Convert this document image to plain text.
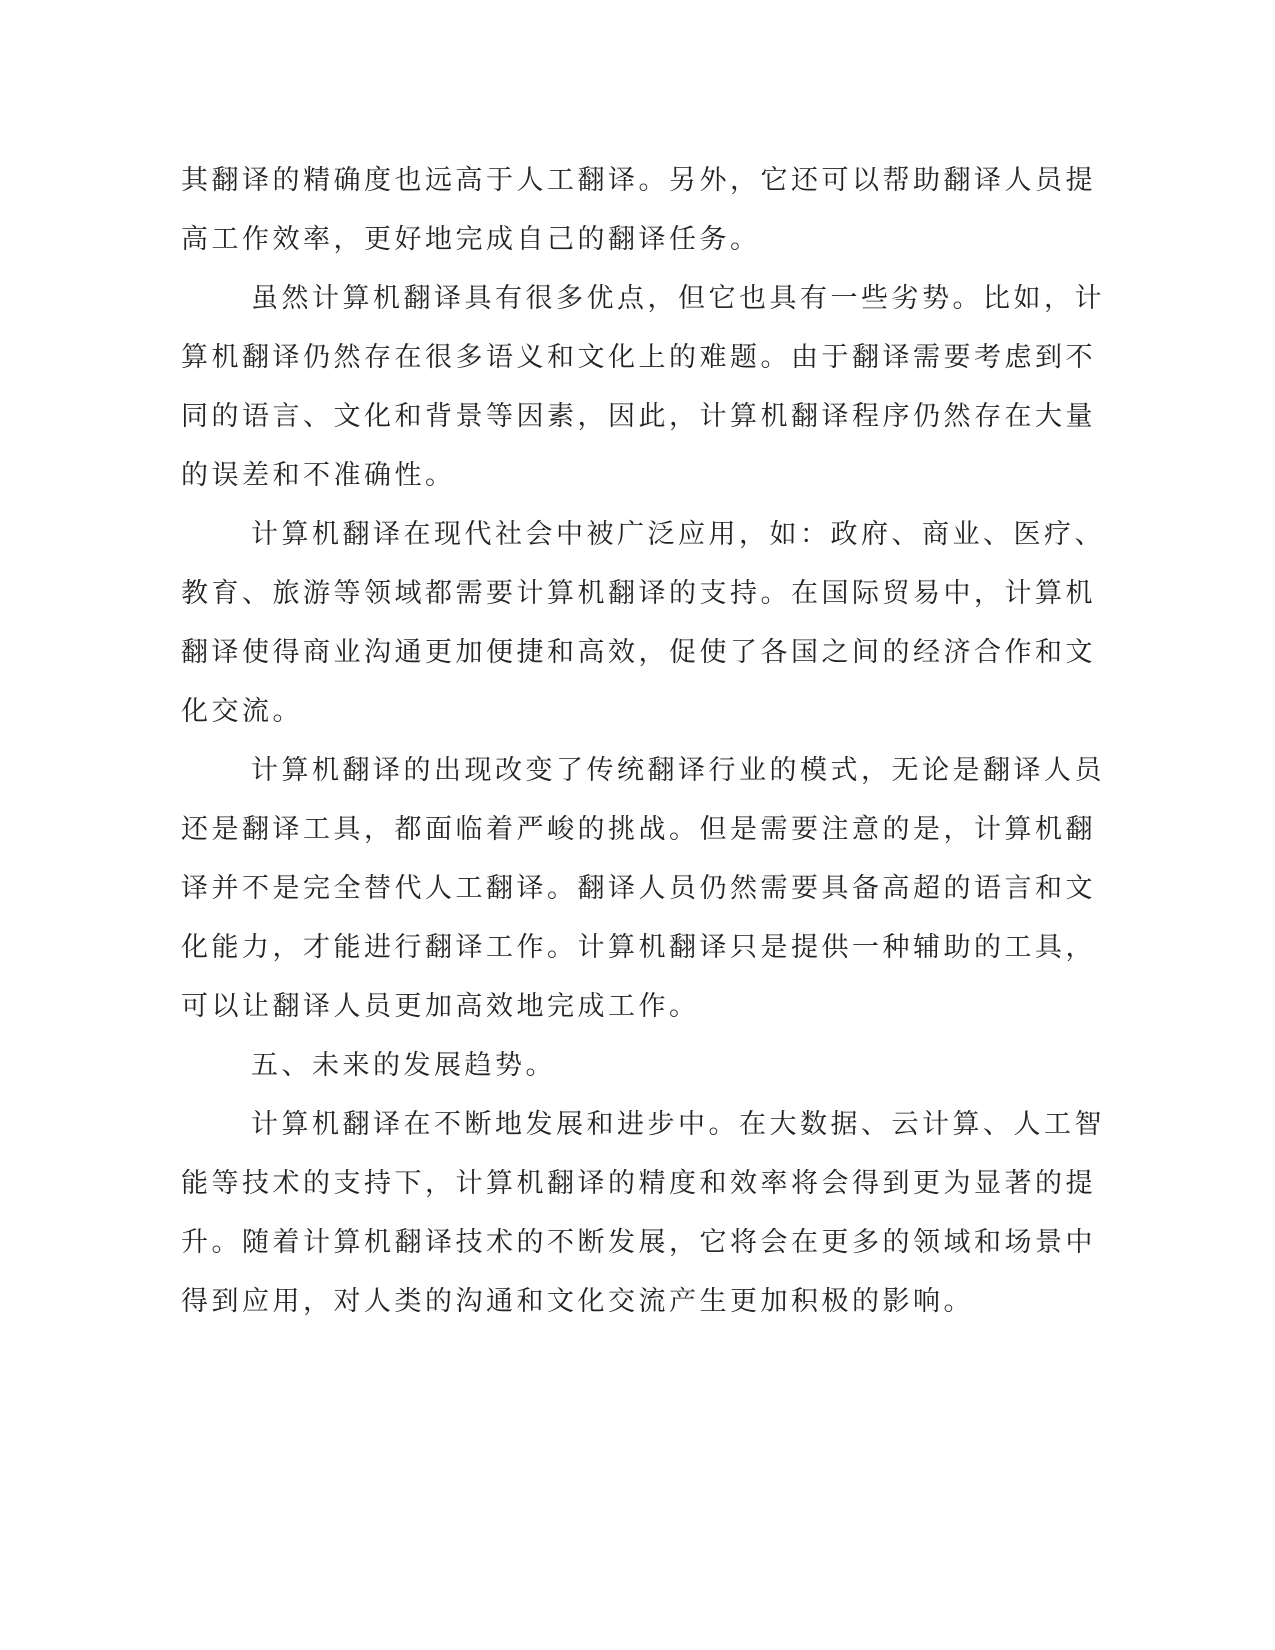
其翻译的精确度也远高于人工翻译。另外，它还可以帮助翻译人员提

高工作效率，更好地完成自己的翻译任务。

虽然计算机翻译具有很多优点，但它也具有一些劣势。比如，计

算机翻译仍然存在很多语义和文化上的难题。由于翻译需要考虑到不

同的语言、文化和背景等因素，因此，计算机翻译程序仍然存在大量

的误差和不准确性。

计算机翻译在现代社会中被广泛应用，如：政府、商业、医疗、

教育、旅游等领域都需要计算机翻译的支持。在国际贸易中，计算机

翻译使得商业沟通更加便捷和高效，促使了各国之间的经济合作和文

化交流。

计算机翻译的出现改变了传统翻译行业的模式，无论是翻译人员

还是翻译工具，都面临着严峻的挑战。但是需要注意的是，计算机翻

译并不是完全替代人工翻译。翻译人员仍然需要具备高超的语言和文

化能力，才能进行翻译工作。计算机翻译只是提供一种辅助的工具，

可以让翻译人员更加高效地完成工作。

五、未来的发展趋势。

计算机翻译在不断地发展和进步中。在大数据、云计算、人工智

能等技术的支持下，计算机翻译的精度和效率将会得到更为显著的提

升。随着计算机翻译技术的不断发展，它将会在更多的领域和场景中

得到应用，对人类的沟通和文化交流产生更加积极的影响。
